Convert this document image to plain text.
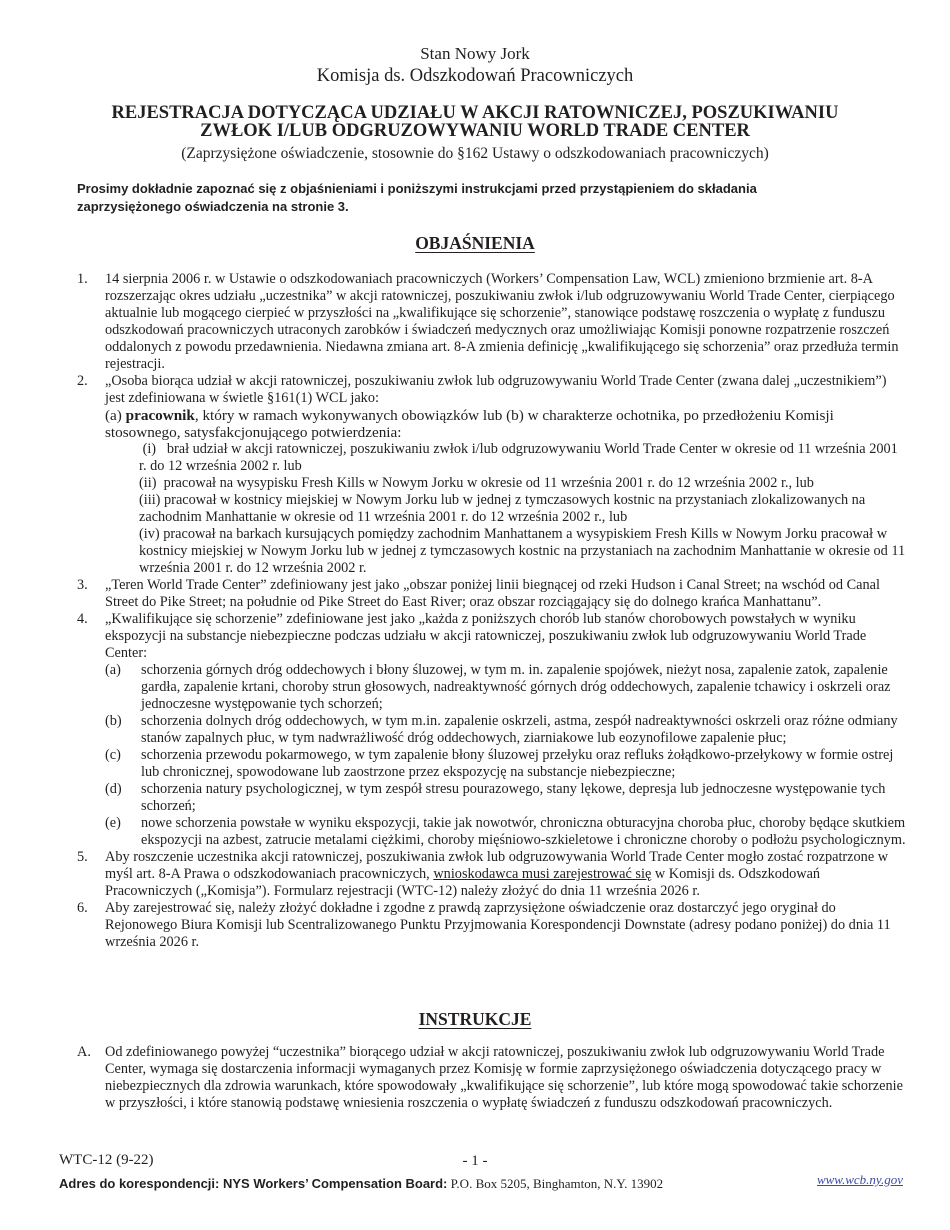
Stan Nowy Jork
Komisja ds. Odszkodowań Pracowniczych
REJESTRACJA DOTYCZĄCA UDZIAŁU W AKCJI RATOWNICZEJ, POSZUKIWANIU
ZWŁOK I/LUB ODGRUZOWYWANIU WORLD TRADE CENTER
(Zaprzysiężone oświadczenie, stosownie do §162 Ustawy o odszkodowaniach pracowniczych)
Prosimy dokładnie zapoznać się z objaśnieniami i poniższymi instrukcjami przed przystąpieniem do składania zaprzysiężonego oświadczenia na stronie 3.
OBJAŚNIENIA
1. 14 sierpnia 2006 r. w Ustawie o odszkodowaniach pracowniczych (Workers’ Compensation Law, WCL) zmieniono brzmienie art. 8-A rozszerzając okres udziału „uczestnika” w akcji ratowniczej, poszukiwaniu zwłok i/lub odgruzowywaniu World Trade Center, cierpiącego aktualnie lub mogącego cierpieć w przyszłości na „kwalifikujące się schorzenie”, stanowiące podstawę roszczenia o wypłatę z funduszu odszkodowań pracowniczych utraconych zarobków i świadczeń medycznych oraz umożliwiając Komisji ponowne rozpatrzenie roszczeń oddalonych z powodu przedawnienia. Niedawna zmiana art. 8-A zmienia definicję „kwalifikującego się schorzenia” oraz przedłuża termin rejestracji.
2. „Osoba biorąca udział w akcji ratowniczej, poszukiwaniu zwłok lub odgruzowywaniu World Trade Center (zwana dalej „uczestnikiem”) jest zdefiniowana w świetle §161(1) WCL jako:
(a) pracownik, który w ramach wykonywanych obowiązków lub (b) w charakterze ochotnika, po przedłożeniu Komisji stosownego, satysfakcjonującego potwierdzenia:
(i) brał udział w akcji ratowniczej, poszukiwaniu zwłok i/lub odgruzowywaniu World Trade Center w okresie od 11 września 2001 r. do 12 września 2002 r. lub
(ii) pracował na wysypisku Fresh Kills w Nowym Jorku w okresie od 11 września 2001 r. do 12 września 2002 r., lub
(iii) pracował w kostnicy miejskiej w Nowym Jorku lub w jednej z tymczasowych kostnic na przystaniach zlokalizowanych na zachodnim Manhattanie w okresie od 11 września 2001 r. do 12 września 2002 r., lub
(iv) pracował na barkach kursujących pomiędzy zachodnim Manhattanem a wysypiskiem Fresh Kills w Nowym Jorku pracował w kostnicy miejskiej w Nowym Jorku lub w jednej z tymczasowych kostnic na przystaniach na zachodnim Manhattanie w okresie od 11 września 2001 r. do 12 września 2002 r.
3. „Teren World Trade Center” zdefiniowany jest jako „obszar poniżej linii biegnącej od rzeki Hudson i Canal Street; na wschód od Canal Street do Pike Street; na południe od Pike Street do East River; oraz obszar rozciągający się do dolnego krańca Manhattanu”.
4. „Kwalifikujące się schorzenie” zdefiniowane jest jako „każda z poniższych chorób lub stanów chorobowych powstałych w wyniku ekspozycji na substancje niebezpieczne podczas udziału w akcji ratowniczej, poszukiwaniu zwłok lub odgruzowywaniu World Trade Center:
(a) schorzenia górnych dróg oddechowych i błony śluzowej, w tym m. in. zapalenie spojówek, nieżyt nosa, zapalenie zatok, zapalenie gardła, zapalenie krtani, choroby strun głosowych, nadreaktywność górnych dróg oddechowych, zapalenie tchawicy i oskrzeli oraz jednoczesne występowanie tych schorzeń;
(b) schorzenia dolnych dróg oddechowych, w tym m.in. zapalenie oskrzeli, astma, zespół nadreaktywności oskrzeli oraz różne odmiany stanów zapalnych płuc, w tym nadwrażliwość dróg oddechowych, ziarniakowe lub eozynofilowe zapalenie płuc;
(c) schorzenia przewodu pokarmowego, w tym zapalenie błony śluzowej przełyku oraz refluks żołądkowo-przełykowy w formie ostrej lub chronicznej, spowodowane lub zaostrzone przez ekspozycję na substancje niebezpieczne;
(d) schorzenia natury psychologicznej, w tym zespół stresu pourazowego, stany lękowe, depresja lub jednoczesne występowanie tych schorzeń;
(e) nowe schorzenia powstałe w wyniku ekspozycji, takie jak nowotwór, chroniczna obturacyjna choroba płuc, choroby będące skutkiem ekspozycji na azbest, zatrucie metalami ciężkimi, choroby mięśniowo-szkieletowe i chroniczne choroby o podłożu psychologicznym.
5. Aby roszczenie uczestnika akcji ratowniczej, poszukiwania zwłok lub odgruzowywania World Trade Center mogło zostać rozpatrzone w myśl art. 8-A Prawa o odszkodowaniach pracowniczych, wnioskodawca musi zarejestrować się w Komisji ds. Odszkodowań Pracowniczych („Komisja”). Formularz rejestracji (WTC-12) należy złożyć do dnia 11 września 2026 r.
6. Aby zarejestrować się, należy złożyć dokładne i zgodne z prawdą zaprzysiężone oświadczenie oraz dostarczyć jego oryginał do Rejonowego Biura Komisji lub Scentralizowanego Punktu Przyjmowania Korespondencji Downstate (adresy podano poniżej) do dnia 11 września 2026 r.
INSTRUKCJE
A. Od zdefiniowanego powyżej “uczestnika” biorącego udział w akcji ratowniczej, poszukiwaniu zwłok lub odgruzowywaniu World Trade Center, wymaga się dostarczenia informacji wymaganych przez Komisję w formie zaprzysiężonego oświadczenia dotyczącego pracy w niebezpiecznych dla zdrowia warunkach, które spowodowały „kwalifikujące się schorzenie”, lub które mogą spowodować takie schorzenie w przyszłości, i które stanowią podstawę wniesienia roszczenia o wypłatę świadczeń z funduszu odszkodowań pracowniczych.
WTC-12 (9-22)	- 1 -
Adres do korespondencji: NYS Workers’ Compensation Board: P.O. Box 5205, Binghamton, N.Y. 13902	www.wcb.ny.gov
